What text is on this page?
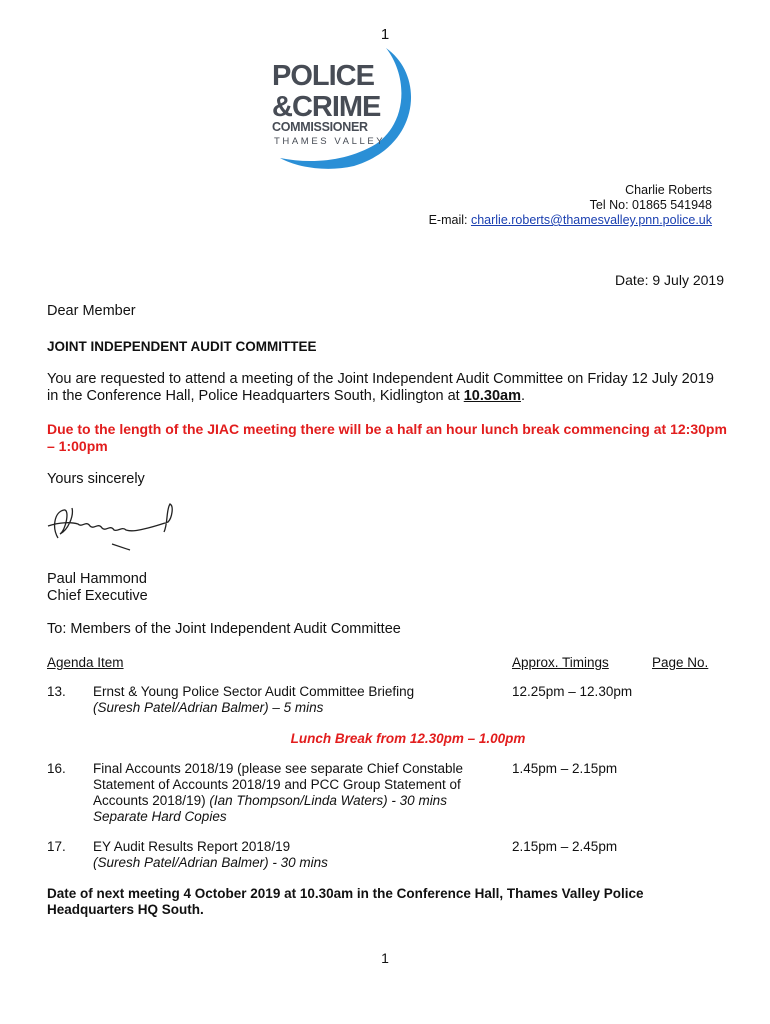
1
POLICE
&CRIME
COMMISSIONER
THAMES VALLEY
Charlie Roberts
Tel No: 01865 541948
E-mail: charlie.roberts@thamesvalley.pnn.police.uk
Date: 9 July 2019
Dear Member
JOINT INDEPENDENT AUDIT COMMITTEE
You are requested to attend a meeting of the Joint Independent Audit Committee on Friday 12 July 2019 in the Conference Hall, Police Headquarters South, Kidlington at 10.30am.
Due to the length of the JIAC meeting there will be a half an hour lunch break commencing at 12:30pm – 1:00pm
Yours sincerely
Paul Hammond
Chief Executive
To: Members of the Joint Independent Audit Committee
Agenda Item	Approx. Timings	Page No.
13. Ernst & Young Police Sector Audit Committee Briefing
(Suresh Patel/Adrian Balmer) – 5 mins
12.25pm – 12.30pm
Lunch Break from 12.30pm – 1.00pm
16. Final Accounts 2018/19 (please see separate Chief Constable Statement of Accounts 2018/19 and PCC Group Statement of Accounts 2018/19) (Ian Thompson/Linda Waters) - 30 mins
Separate Hard Copies
1.45pm – 2.15pm
17. EY Audit Results Report 2018/19
(Suresh Patel/Adrian Balmer) - 30 mins
2.15pm – 2.45pm
Date of next meeting 4 October 2019 at 10.30am in the Conference Hall, Thames Valley Police Headquarters HQ South.
1
